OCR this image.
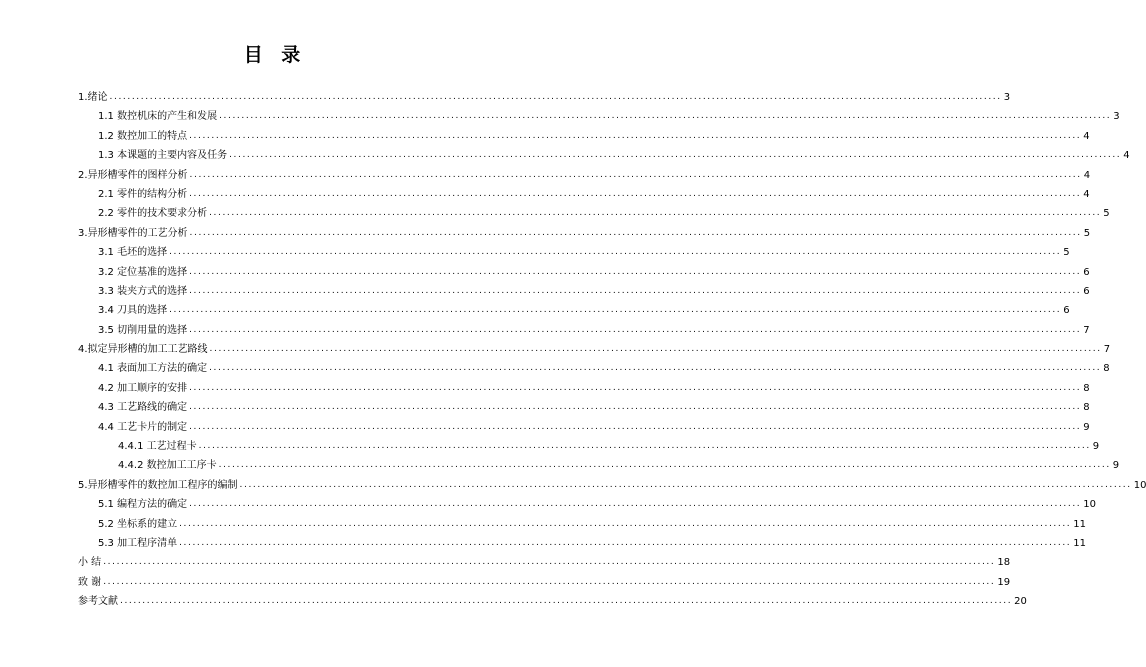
目 录
1.绪论 ........................................................................................................................................................................................................ 3
1.1 数控机床的产生和发展 ........................................................................................................................................................................................................ 3
1.2 数控加工的特点 ........................................................................................................................................................................................................ 4
1.3 本课题的主要内容及任务 ........................................................................................................................................................................................................ 4
2.异形槽零件的图样分析 ........................................................................................................................................................................................................ 4
2.1 零件的结构分析 ........................................................................................................................................................................................................ 4
2.2 零件的技术要求分析 ........................................................................................................................................................................................................ 5
3.异形槽零件的工艺分析 ........................................................................................................................................................................................................ 5
3.1 毛坯的选择 ........................................................................................................................................................................................................ 5
3.2 定位基准的选择 ........................................................................................................................................................................................................ 6
3.3 装夹方式的选择 ........................................................................................................................................................................................................ 6
3.4 刀具的选择 ........................................................................................................................................................................................................ 6
3.5 切削用量的选择 ........................................................................................................................................................................................................ 7
4.拟定异形槽的加工工艺路线 ........................................................................................................................................................................................................ 7
4.1 表面加工方法的确定 ........................................................................................................................................................................................................ 8
4.2 加工顺序的安排 ........................................................................................................................................................................................................ 8
4.3 工艺路线的确定 ........................................................................................................................................................................................................ 8
4.4 工艺卡片的制定 ........................................................................................................................................................................................................ 9
4.4.1 工艺过程卡 ........................................................................................................................................................................................................ 9
4.4.2 数控加工工序卡 ........................................................................................................................................................................................................ 9
5.异形槽零件的数控加工程序的编制 ........................................................................................................................................................................................................ 10
5.1 编程方法的确定 ........................................................................................................................................................................................................ 10
5.2 坐标系的建立 ........................................................................................................................................................................................................ 11
5.3 加工程序清单 ........................................................................................................................................................................................................ 11
小 结 ........................................................................................................................................................................................................ 18
致 谢 ........................................................................................................................................................................................................ 19
参考文献 ........................................................................................................................................................................................................ 20
